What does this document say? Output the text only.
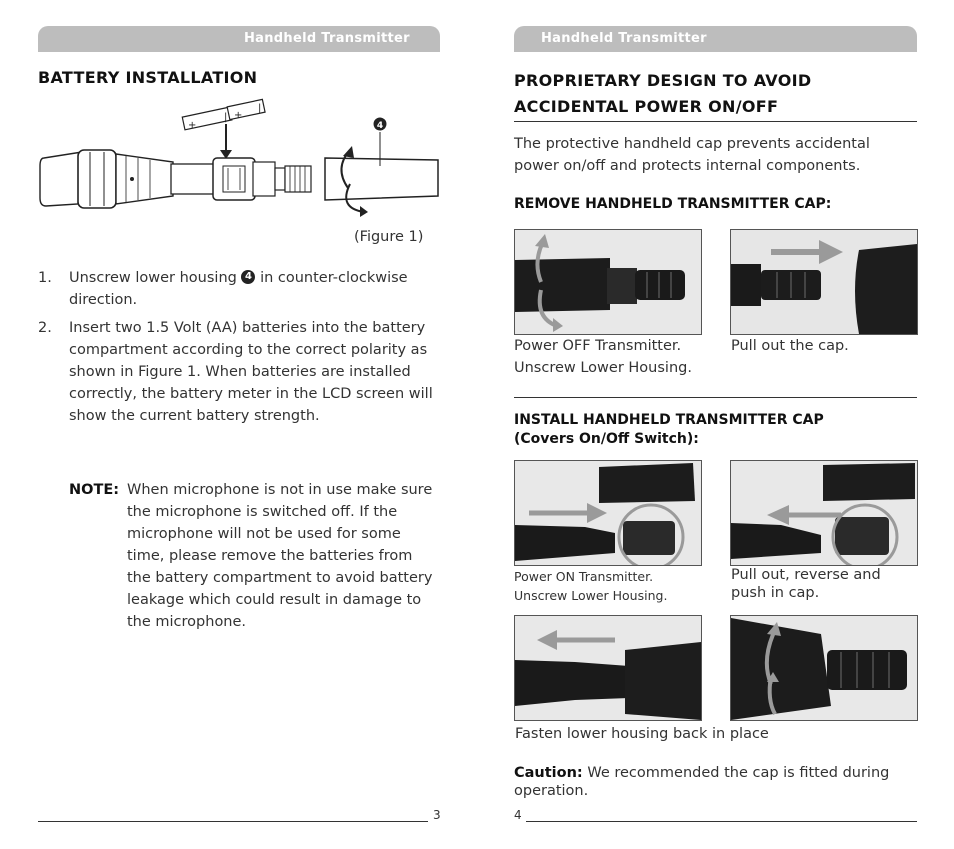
Handheld Transmitter
BATTERY INSTALLATION
+
| +
|
4
(Figure 1)
1. Unscrew lower housing 4 in counter-clockwise direction.
2. Insert two 1.5 Volt (AA) batteries into the battery compartment according to the correct polarity as shown in Figure 1. When batteries are installed correctly, the battery meter in the LCD screen will show the current battery strength.
NOTE: When microphone is not in use make sure the microphone is switched off. If the microphone will not be used for some time, please remove the batteries from the battery compartment to avoid battery leakage which could result in damage to the microphone.
3
Handheld Transmitter
PROPRIETARY DESIGN TO AVOID
ACCIDENTAL POWER ON/OFF
The protective handheld cap prevents accidental power on/off and protects internal components.
REMOVE HANDHELD TRANSMITTER CAP:
Power OFF Transmitter.
Unscrew Lower Housing.
Pull out the cap.
INSTALL HANDHELD TRANSMITTER CAP
(Covers On/Off Switch):
Power ON Transmitter.
Unscrew Lower Housing.
Pull out, reverse and
push in cap.
Fasten lower housing back in place
Caution: We recommended the cap is fitted during operation.
4
